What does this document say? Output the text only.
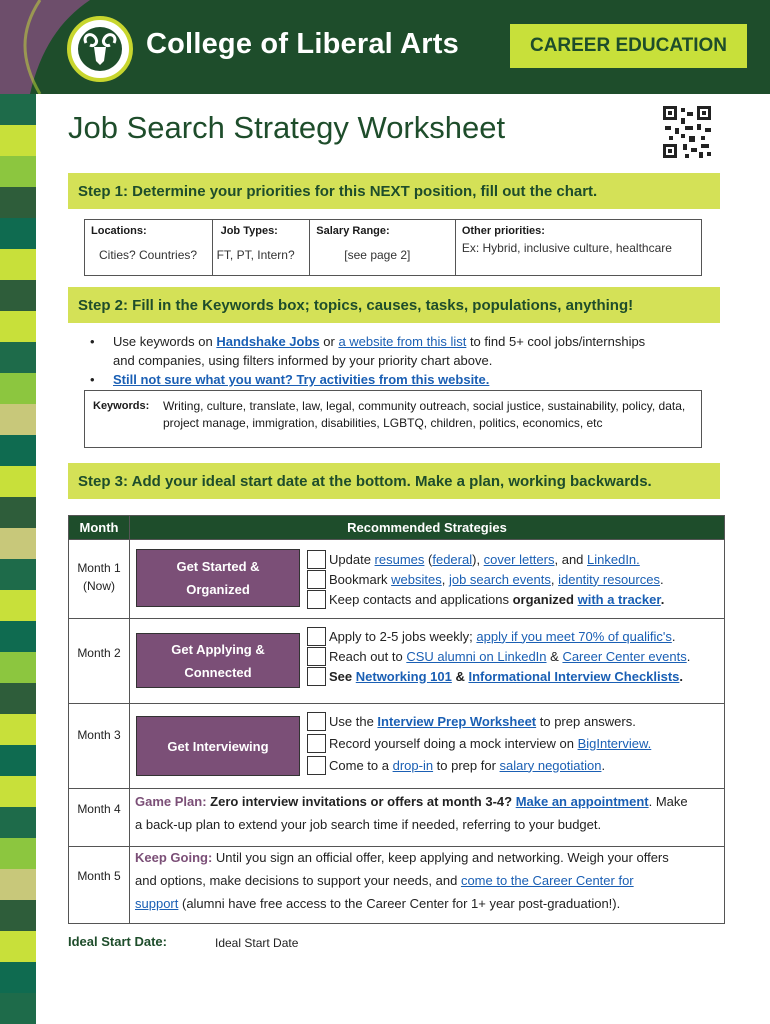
College of Liberal Arts	CAREER EDUCATION
Job Search Strategy Worksheet
Step 1: Determine your priorities for this NEXT position, fill out the chart.
Locations:
Cities? Countries?
Job Types:
FT, PT, Intern?
Salary Range:
[see page 2]
Other priorities:
Ex: Hybrid, inclusive culture, healthcare
Step 2: Fill in the Keywords box; topics, causes, tasks, populations, anything!
•	Use keywords on Handshake Jobs or a website from this list to find 5+ cool jobs/internships
and companies, using filters informed by your priority chart above.
•	Still not sure what you want? Try activities from this website.
Keywords:	Writing, culture, translate, law, legal, community outreach, social justice, sustainability, policy, data, project manage, immigration, disabilities, LGBTQ, children, politics, economics, etc
Step 3: Add your ideal start date at the bottom. Make a plan, working backwards.
Month	Recommended Strategies
Month 1
(Now)
Get Started &
Organized
Update resumes (federal), cover letters, and LinkedIn.
Bookmark websites, job search events, identity resources.
Keep contacts and applications organized with a tracker.
Month 2	Get Applying &
Connected
Apply to 2-5 jobs weekly; apply if you meet 70% of qualific's.
Reach out to CSU alumni on LinkedIn & Career Center events.
See Networking 101 & Informational Interview Checklists.
Month 3
Get Interviewing
Use the Interview Prep Worksheet to prep answers.
Record yourself doing a mock interview on BigInterview.
Come to a drop-in to prep for salary negotiation.
Month 4	Game Plan: Zero interview invitations or offers at month 3-4? Make an appointment. Make
a back-up plan to extend your job search time if needed, referring to your budget.
Month 5
Keep Going: Until you sign an official offer, keep applying and networking. Weigh your offers
and options, make decisions to support your needs, and come to the Career Center for
support (alumni have free access to the Career Center for 1+ year post-graduation!).
Ideal Start Date:	Ideal Start Date
